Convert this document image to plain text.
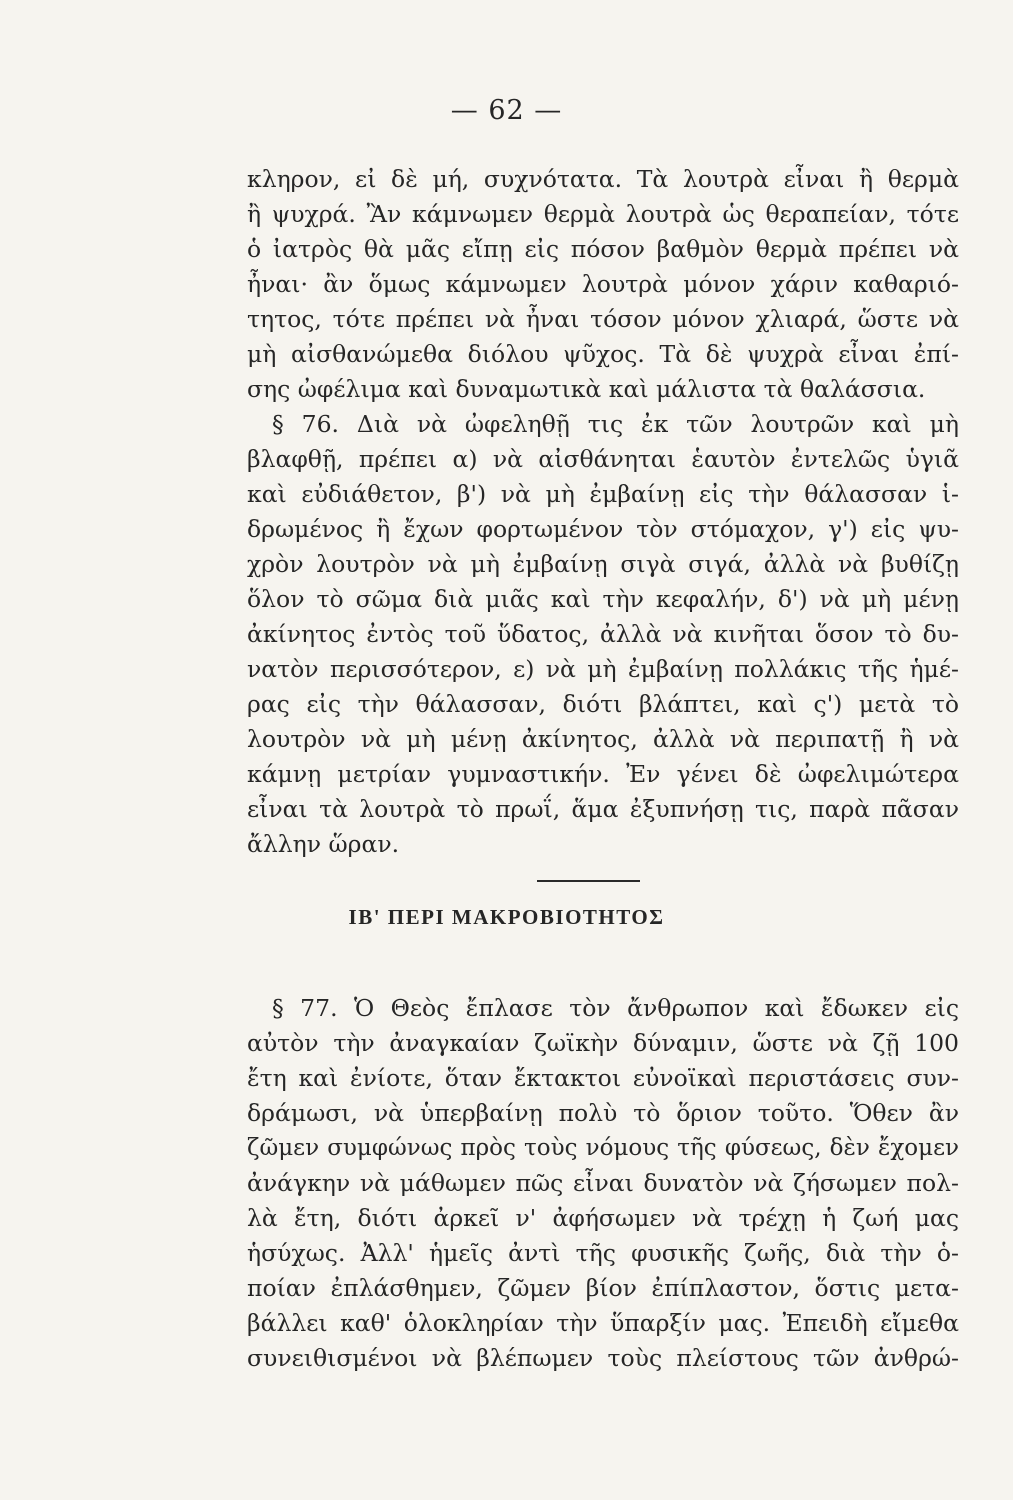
— 62 —
κληρον, εἰ δὲ μή, συχνότατα. Τὰ λουτρὰ εἶναι ἢ θερμὰ
ἢ ψυχρά. Ἂν κάμνωμεν θερμὰ λουτρὰ ὡς θεραπείαν, τότε
ὁ ἰατρὸς θὰ μᾶς εἴπῃ εἰς πόσον βαθμὸν θερμὰ πρέπει νὰ
ἦναι· ἂν ὅμως κάμνωμεν λουτρὰ μόνον χάριν καθαριό-
τητος, τότε πρέπει νὰ ἦναι τόσον μόνον χλιαρά, ὥστε νὰ
μὴ αἰσθανώμεθα διόλου ψῦχος. Τὰ δὲ ψυχρὰ εἶναι ἐπί-
σης ὠφέλιμα καὶ δυναμωτικὰ καὶ μάλιστα τὰ θαλάσσια.
§ 76. Διὰ νὰ ὠφεληθῇ τις ἐκ τῶν λουτρῶν καὶ μὴ
βλαφθῇ, πρέπει α) νὰ αἰσθάνηται ἑαυτὸν ἐντελῶς ὑγιᾶ
καὶ εὐδιάθετον, β') νὰ μὴ ἐμβαίνῃ εἰς τὴν θάλασσαν ἱ-
δρωμένος ἢ ἔχων φορτωμένον τὸν στόμαχον, γ') εἰς ψυ-
χρὸν λουτρὸν νὰ μὴ ἐμβαίνῃ σιγὰ σιγά, ἀλλὰ νὰ βυθίζῃ
ὅλον τὸ σῶμα διὰ μιᾶς καὶ τὴν κεφαλήν, δ') νὰ μὴ μένῃ
ἀκίνητος ἐντὸς τοῦ ὕδατος, ἀλλὰ νὰ κινῆται ὅσον τὸ δυ-
νατὸν περισσότερον, ε) νὰ μὴ ἐμβαίνῃ πολλάκις τῆς ἡμέ-
ρας εἰς τὴν θάλασσαν, διότι βλάπτει, καὶ ς') μετὰ τὸ
λουτρὸν νὰ μὴ μένῃ ἀκίνητος, ἀλλὰ νὰ περιπατῇ ἢ νὰ
κάμνῃ μετρίαν γυμναστικήν. Ἐν γένει δὲ ὠφελιμώτερα
εἶναι τὰ λουτρὰ τὸ πρωΐ, ἅμα ἐξυπνήσῃ τις, παρὰ πᾶσαν
ἄλλην ὥραν.
ΙΒ' ΠΕΡΙ ΜΑΚΡΟΒΙΟΤΗΤΟΣ
§ 77. Ὁ Θεὸς ἔπλασε τὸν ἄνθρωπον καὶ ἔδωκεν εἰς
αὐτὸν τὴν ἀναγκαίαν ζωϊκὴν δύναμιν, ὥστε νὰ ζῇ 100
ἔτη καὶ ἐνίοτε, ὅταν ἔκτακτοι εὐνοϊκαὶ περιστάσεις συν-
δράμωσι, νὰ ὑπερβαίνῃ πολὺ τὸ ὅριον τοῦτο. Ὅθεν ἂν
ζῶμεν συμφώνως πρὸς τοὺς νόμους τῆς φύσεως, δὲν ἔχομεν
ἀνάγκην νὰ μάθωμεν πῶς εἶναι δυνατὸν νὰ ζήσωμεν πολ-
λὰ ἔτη, διότι ἀρκεῖ ν' ἀφήσωμεν νὰ τρέχῃ ἡ ζωή μας
ἡσύχως. Ἀλλ' ἡμεῖς ἀντὶ τῆς φυσικῆς ζωῆς, διὰ τὴν ὁ-
ποίαν ἐπλάσθημεν, ζῶμεν βίον ἐπίπλαστον, ὅστις μετα-
βάλλει καθ' ὁλοκληρίαν τὴν ὕπαρξίν μας. Ἐπειδὴ εἴμεθα
συνειθισμένοι νὰ βλέπωμεν τοὺς πλείστους τῶν ἀνθρώ-
